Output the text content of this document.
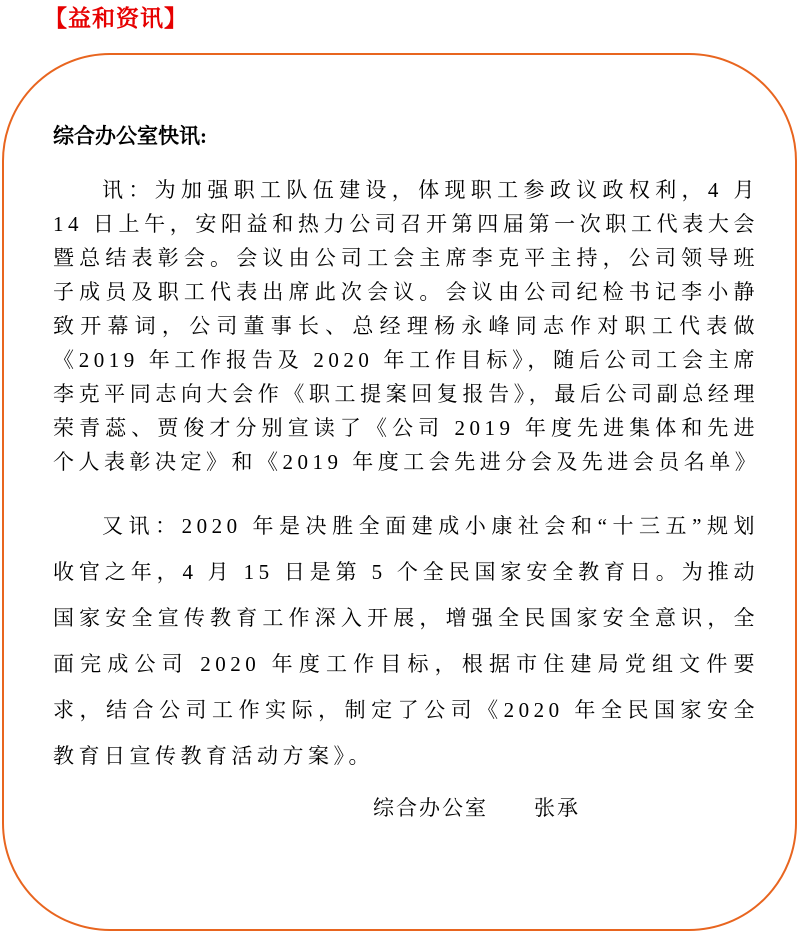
【益和资讯】
综合办公室快讯:

讯：为加强职工队伍建设，体现职工参政议政权利，4 月 14 日上午，安阳益和热力公司召开第四届第一次职工代表大会暨总结表彰会。会议由公司工会主席李克平主持，公司领导班子成员及职工代表出席此次会议。会议由公司纪检书记李小静致开幕词，公司董事长、总经理杨永峰同志作对职工代表做《2019 年工作报告及 2020 年工作目标》，随后公司工会主席李克平同志向大会作《职工提案回复报告》，最后公司副总经理荣青蕊、贾俊才分别宣读了《公司 2019 年度先进集体和先进个人表彰决定》和《2019 年度工会先进分会及先进会员名单》

又讯：2020 年是决胜全面建成小康社会和“十三五”规划收官之年，4 月 15 日是第 5 个全民国家安全教育日。为推动国家安全宣传教育工作深入开展，增强全民国家安全意识，全面完成公司 2020 年度工作目标，根据市住建局党组文件要求，结合公司工作实际，制定了公司《2020 年全民国家安全教育日宣传教育活动方案》。

综合办公室　　张承
